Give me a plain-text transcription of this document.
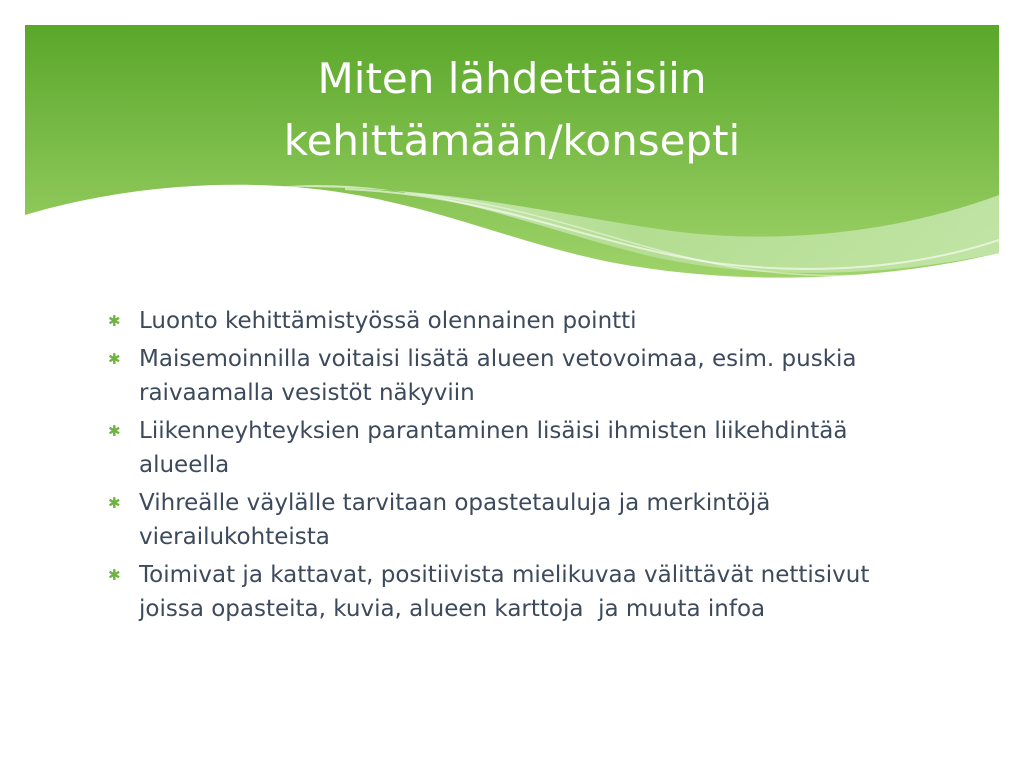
Miten lähdettäisiin
kehittämään/konsepti
✱ Luonto kehittämistyössä olennainen pointti
✱ Maisemoinnilla voitaisi lisätä alueen vetovoimaa, esim. puskia raivaamalla vesistöt näkyviin
✱ Liikenneyhteyksien parantaminen lisäisi ihmisten liikehdintää alueella
✱ Vihreälle väylälle tarvitaan opastetauluja ja merkintöjä vierailukohteista
✱ Toimivat ja kattavat, positiivista mielikuvaa välittävät nettisivut joissa opasteita, kuvia, alueen karttoja  ja muuta infoa
